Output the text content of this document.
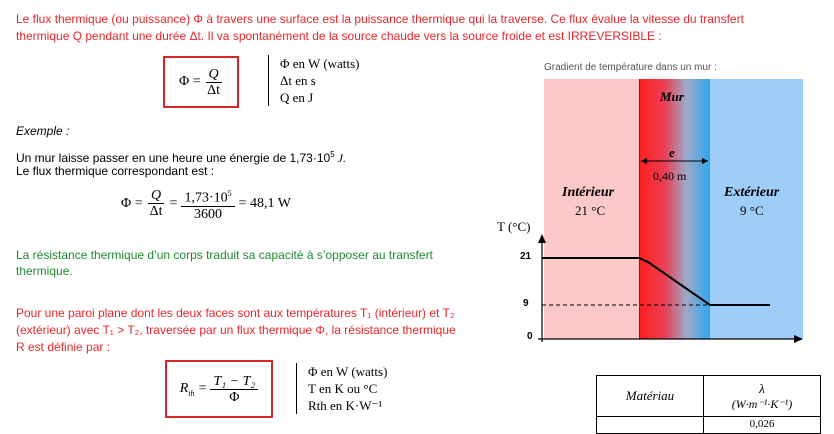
Le flux thermique (ou puissance) Φ à travers une surface est la puissance thermique qui la traverse. Ce flux évalue la vitesse du transfert
thermique Q pendant une durée Δt. Il va spontanément de la source chaude vers la source froide et est IRREVERSIBLE :
Φ =
$\frac{Q}{\Delta t}$
Φ en W (watts)
Δt en s
Q en J
Exemple :
Un mur laisse passer en une heure une énergie de $1,73\cdot 10^5$ J.
Le flux thermique correspondant est :
$\Phi = \frac{Q}{\Delta t} = \frac{1,73\cdot 10^5}{3600} = 48,1$ W
La résistance thermique d’un corps traduit sa capacité à s’opposer au transfert
thermique.
Pour une paroi plane dont les deux faces sont aux températures T₁ (intérieur) et T₂
(extérieur) avec T₁ > T₂, traversée par un flux thermique Φ, la résistance thermique
R est définie par :
$R_{th} = \frac{\text{T₁ − T₂}}{\Phi}$
Φ en W (watts)
T en K ou °C
Rth en K·W⁻¹
Gradient de température dans un mur :
Mur
e
0,40 m
Intérieur
21 °C
Extérieur
9 °C
T (°C)
21
9
0
Matériau	λ
(W·m⁻¹·K⁻¹)

	0,026
